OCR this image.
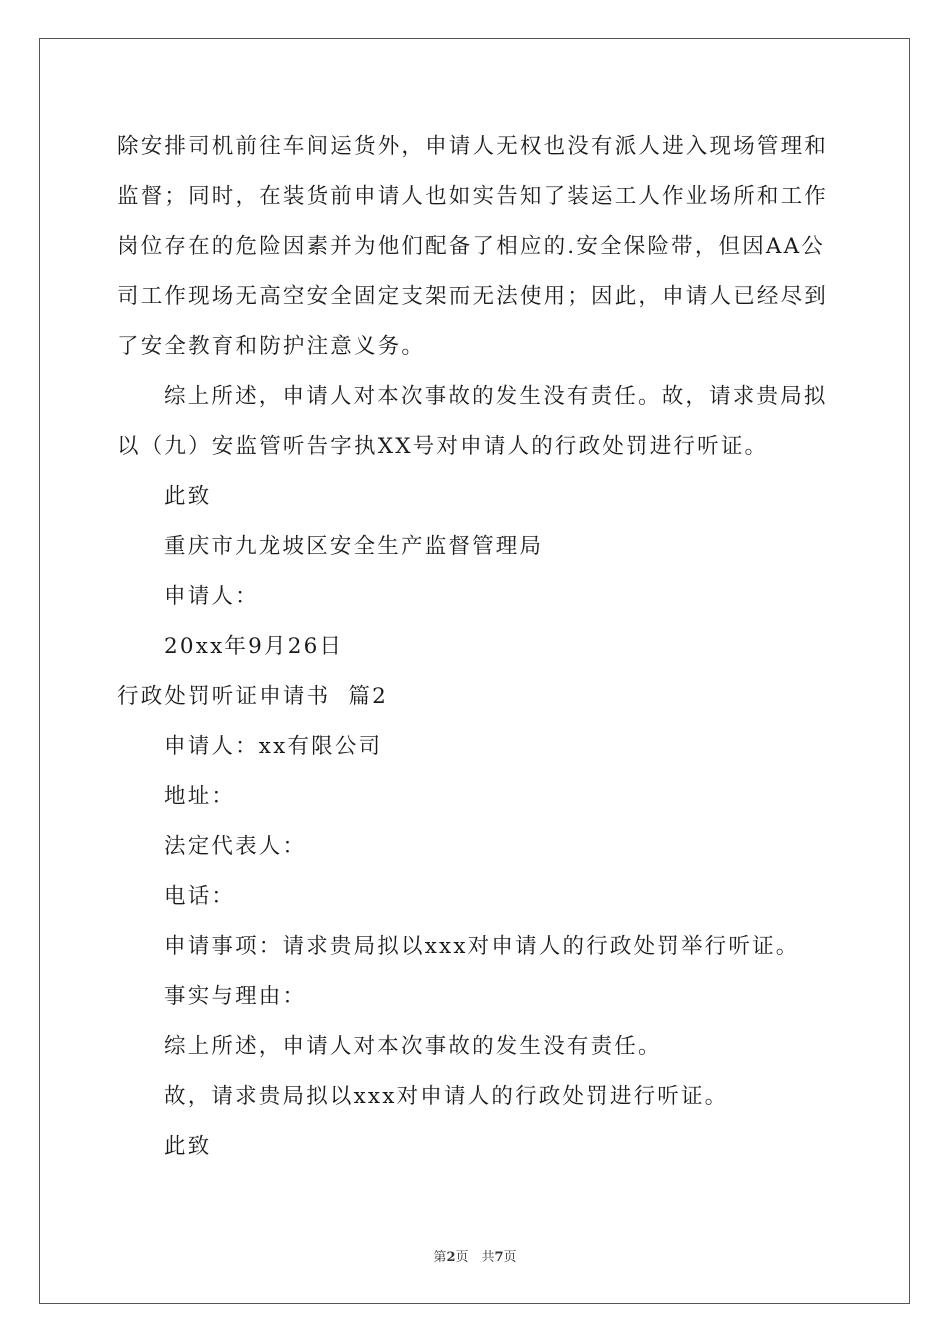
除安排司机前往车间运货外，申请人无权也没有派人进入现场管理和

监督；同时，在装货前申请人也如实告知了装运工人作业场所和工作

岗位存在的危险因素并为他们配备了相应的.安全保险带，但因AA公

司工作现场无高空安全固定支架而无法使用；因此，申请人已经尽到

了安全教育和防护注意义务。

综上所述，申请人对本次事故的发生没有责任。故，请求贵局拟

以（九）安监管听告字执XX号对申请人的行政处罚进行听证。

此致

重庆市九龙坡区安全生产监督管理局

申请人：

20xx年9月26日

行政处罚听证申请书  篇2

申请人：xx有限公司

地址：

法定代表人：

电话：

申请事项：请求贵局拟以xxx对申请人的行政处罚举行听证。

事实与理由：

综上所述，申请人对本次事故的发生没有责任。

故，请求贵局拟以xxx对申请人的行政处罚进行听证。

此致

第2页　共7页
